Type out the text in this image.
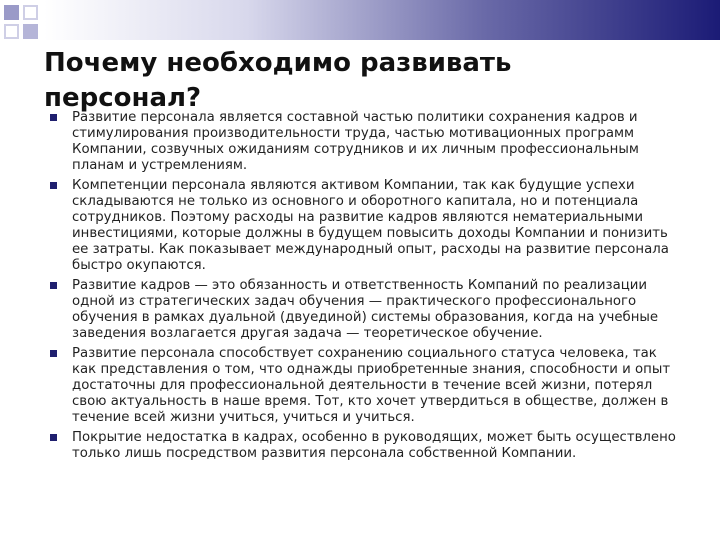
Почему необходимо развивать персонал?
Развитие персонала является составной частью политики сохранения кадров и стимулирования производительности труда, частью мотивационных программ Компании, созвучных ожиданиям сотрудников и их личным профессиональным планам и устремлениям.
Компетенции персонала являются активом Компании, так как будущие успехи складываются не только из основного и оборотного капитала, но и потенциала сотрудников. Поэтому расходы на развитие кадров являются нематериальными инвестициями, которые должны в будущем повысить доходы Компании и понизить ее затраты. Как показывает международный опыт, расходы на развитие персонала быстро окупаются.
Развитие кадров — это обязанность и ответственность Компаний по реализации одной из стратегических задач обучения — практического профессионального обучения в рамках дуальной (двуединой) системы образования, когда на учебные заведения возлагается другая задача — теоретическое обучение.
Развитие персонала способствует сохранению социального статуса человека, так как представления о том, что однажды приобретенные знания, способности и опыт достаточны для профессиональной деятельности в течение всей жизни, потерял свою актуальность в наше время. Тот, кто хочет утвердиться в обществе, должен в течение всей жизни учиться, учиться и учиться.
Покрытие недостатка в кадрах, особенно в руководящих, может быть осуществлено только лишь посредством развития персонала собственной Компании.
